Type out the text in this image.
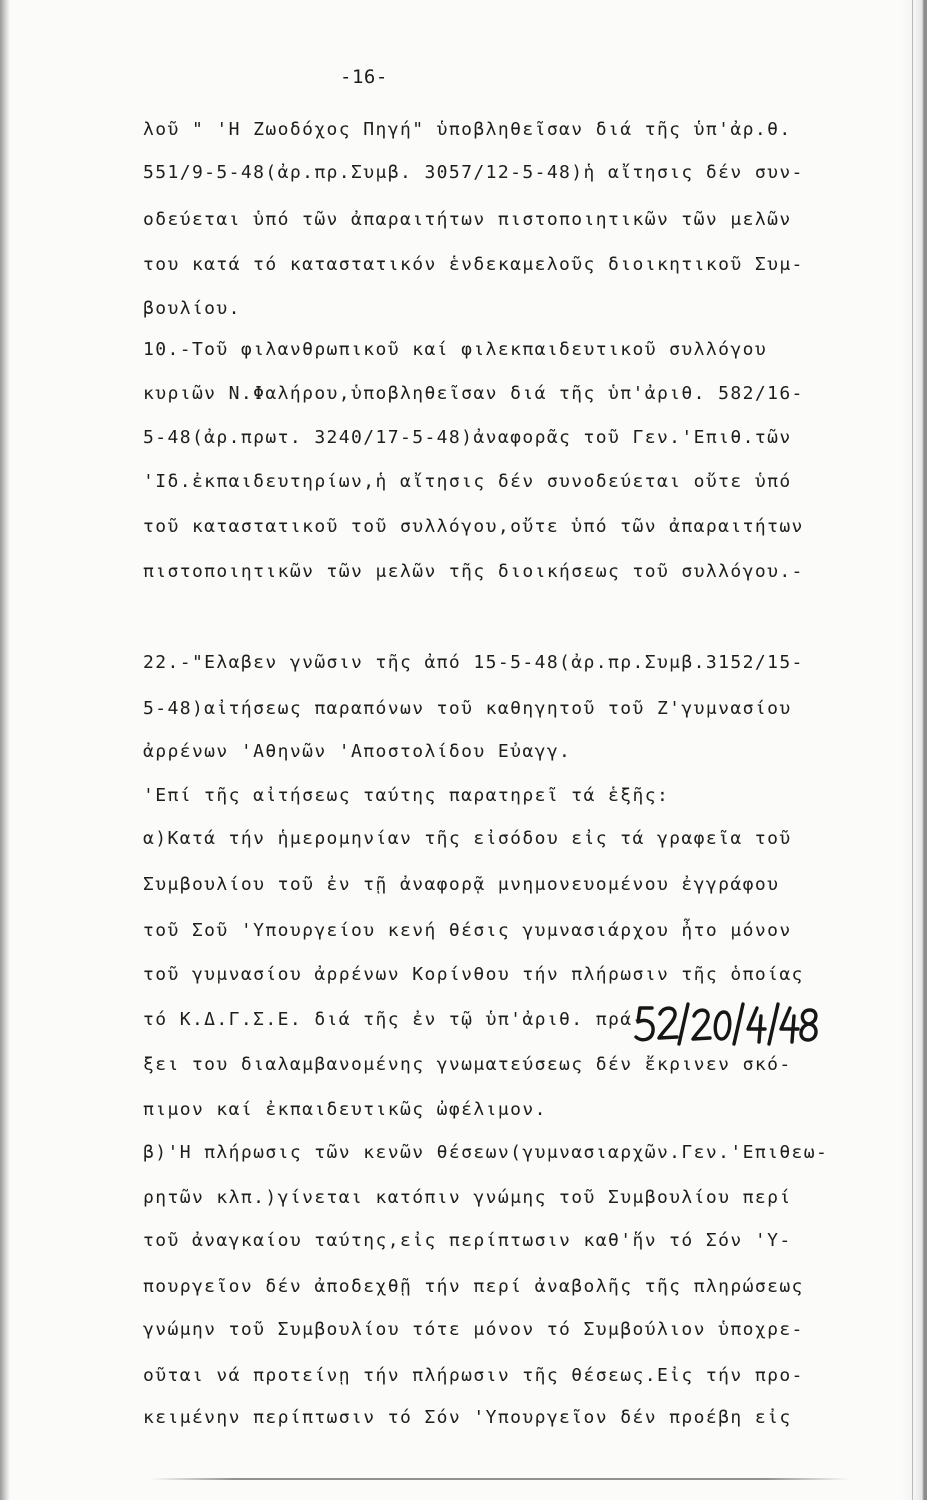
-16-
λοῦ " 'Η Ζωοδόχος Πηγή" ὑποβληθεῖσαν διά τῆς ὑπ'ἀρ.θ.
551/9-5-48(ἀρ.πρ.Συμβ. 3057/12-5-48)ἡ αἴτησις δέν συν-
οδεύεται ὑπό τῶν ἀπαραιτήτων πιστοποιητικῶν τῶν μελῶν
του κατά τό καταστατικόν ἑνδεκαμελοῦς διοικητικοῦ Συμ-
βουλίου.
10.-Τοῦ φιλανθρωπικοῦ καί φιλεκπαιδευτικοῦ συλλόγου
κυριῶν Ν.Φαλήρου,ὑποβληθεῖσαν διά τῆς ὑπ'ἀριθ. 582/16-
5-48(ἀρ.πρωτ. 3240/17-5-48)ἀναφορᾶς τοῦ Γεν.'Επιθ.τῶν
'Ιδ.ἐκπαιδευτηρίων,ἡ αἴτησις δέν συνοδεύεται οὔτε ὑπό
τοῦ καταστατικοῦ τοῦ συλλόγου,οὔτε ὑπό τῶν ἀπαραιτήτων
πιστοποιητικῶν τῶν μελῶν τῆς διοικήσεως τοῦ συλλόγου.-
22.-"Ελαβεν γνῶσιν τῆς ἀπό 15-5-48(ἀρ.πρ.Συμβ.3152/15-
5-48)αἰτήσεως παραπόνων τοῦ καθηγητοῦ τοῦ Ζ'γυμνασίου
ἀρρένων 'Αθηνῶν 'Αποστολίδου Εὐαγγ.
'Επί τῆς αἰτήσεως ταύτης παρατηρεῖ τά ἑξῆς:
α)Κατά τήν ἡμερομηνίαν τῆς εἰσόδου εἰς τά γραφεῖα τοῦ
Συμβουλίου τοῦ ἐν τῇ ἀναφορᾷ μνημονευομένου ἐγγράφου
τοῦ Σοῦ 'Υπουργείου κενή θέσις γυμνασιάρχου ἦτο μόνον
τοῦ γυμνασίου ἀρρένων Κορίνθου τήν πλήρωσιν τῆς ὁποίας
τό Κ.Δ.Γ.Σ.Ε. διά τῆς ἐν τῷ ὑπ'ἀριθ. πρά-
ξει του διαλαμβανομένης γνωματεύσεως δέν ἔκρινεν σκό-
πιμον καί ἐκπαιδευτικῶς ὠφέλιμον.
β)'Η πλήρωσις τῶν κενῶν θέσεων(γυμνασιαρχῶν.Γεν.'Επιθεω-
ρητῶν κλπ.)γίνεται κατόπιν γνώμης τοῦ Συμβουλίου περί
τοῦ ἀναγκαίου ταύτης,εἰς περίπτωσιν καθ'ἥν τό Σόν 'Υ-
πουργεῖον δέν ἀποδεχθῇ τήν περί ἀναβολῆς τῆς πληρώσεως
γνώμην τοῦ Συμβουλίου τότε μόνον τό Συμβούλιον ὑποχρε-
οῦται νά προτείνῃ τήν πλήρωσιν τῆς θέσεως.Εἰς τήν προ-
κειμένην περίπτωσιν τό Σόν 'Υπουργεῖον δέν προέβη εἰς
